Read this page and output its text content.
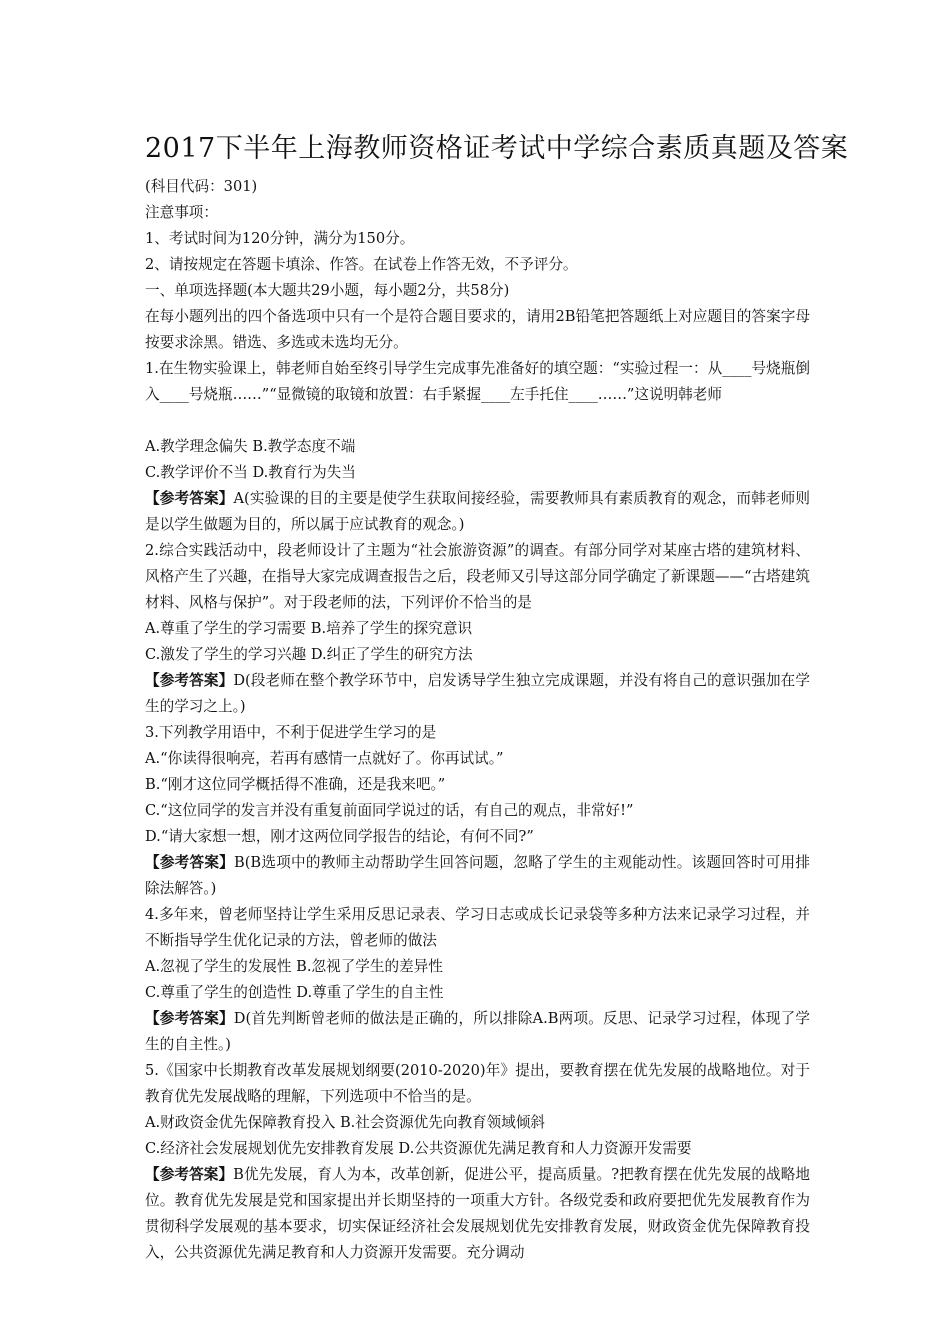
2017下半年上海教师资格证考试中学综合素质真题及答案
(科目代码：301)
注意事项：
1、考试时间为120分钟，满分为150分。
2、请按规定在答题卡填涂、作答。在试卷上作答无效，不予评分。
一、单项选择题(本大题共29小题，每小题2分，共58分)
在每小题列出的四个备选项中只有一个是符合题目要求的，请用2B铅笔把答题纸上对应题目的答案字母按要求涂黑。错选、多选或未选均无分。
1.在生物实验课上，韩老师自始至终引导学生完成事先准备好的填空题：“实验过程一：从____号烧瓶倒入____号烧瓶……”“显微镜的取镜和放置：右手紧握____左手托住____……”这说明韩老师
A.教学理念偏失 B.教学态度不端
C.教学评价不当 D.教育行为失当
【参考答案】A(实验课的目的主要是使学生获取间接经验，需要教师具有素质教育的观念，而韩老师则是以学生做题为目的，所以属于应试教育的观念。)
2.综合实践活动中，段老师设计了主题为“社会旅游资源”的调查。有部分同学对某座古塔的建筑材料、风格产生了兴趣，在指导大家完成调查报告之后，段老师又引导这部分同学确定了新课题——“古塔建筑材料、风格与保护”。对于段老师的法，下列评价不恰当的是
A.尊重了学生的学习需要 B.培养了学生的探究意识
C.激发了学生的学习兴趣 D.纠正了学生的研究方法
【参考答案】D(段老师在整个教学环节中，启发诱导学生独立完成课题，并没有将自己的意识强加在学生的学习之上。)
3.下列教学用语中，不利于促进学生学习的是
A.“你读得很响亮，若再有感情一点就好了。你再试试。”
B.“刚才这位同学概括得不准确，还是我来吧。”
C.“这位同学的发言并没有重复前面同学说过的话，有自己的观点，非常好!”
D.“请大家想一想，刚才这两位同学报告的结论，有何不同?”
【参考答案】B(B选项中的教师主动帮助学生回答问题，忽略了学生的主观能动性。该题回答时可用排除法解答。)
4.多年来，曾老师坚持让学生采用反思记录表、学习日志或成长记录袋等多种方法来记录学习过程，并不断指导学生优化记录的方法，曾老师的做法
A.忽视了学生的发展性 B.忽视了学生的差异性
C.尊重了学生的创造性 D.尊重了学生的自主性
【参考答案】D(首先判断曾老师的做法是正确的，所以排除A.B两项。反思、记录学习过程，体现了学生的自主性。)
5.《国家中长期教育改革发展规划纲要(2010-2020)年》提出，要教育摆在优先发展的战略地位。对于教育优先发展战略的理解，下列选项中不恰当的是。
A.财政资金优先保障教育投入 B.社会资源优先向教育领域倾斜
C.经济社会发展规划优先安排教育发展 D.公共资源优先满足教育和人力资源开发需要
【参考答案】B优先发展，育人为本，改革创新，促进公平，提高质量。?把教育摆在优先发展的战略地位。教育优先发展是党和国家提出并长期坚持的一项重大方针。各级党委和政府要把优先发展教育作为贯彻科学发展观的基本要求，切实保证经济社会发展规划优先安排教育发展，财政资金优先保障教育投入，公共资源优先满足教育和人力资源开发需要。充分调动
